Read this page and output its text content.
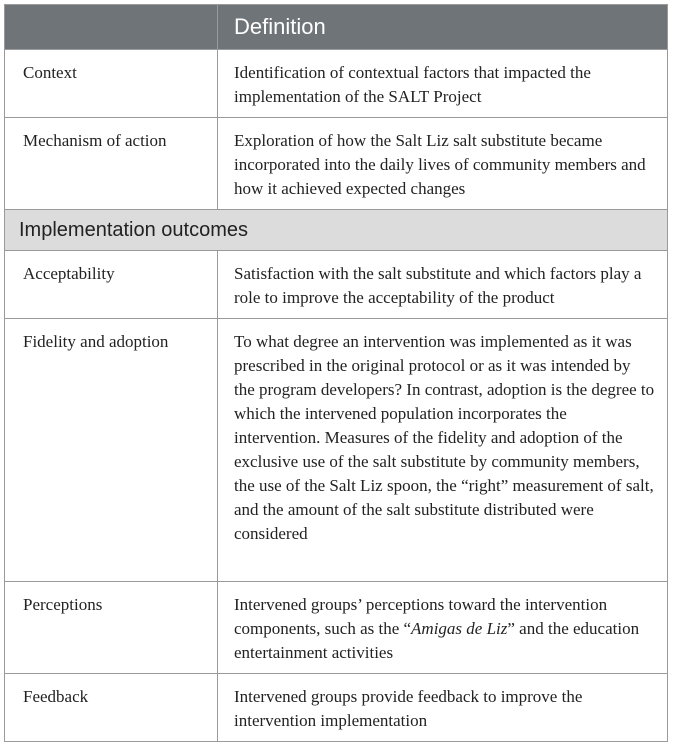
	Definition
Context	Identification of contextual factors that impacted the implementation of the SALT Project
Mechanism of action	Exploration of how the Salt Liz salt substitute became incorporated into the daily lives of community members and how it achieved expected changes
Implementation outcomes	
Acceptability	Satisfaction with the salt substitute and which factors play a role to improve the acceptability of the product
Fidelity and adoption	To what degree an intervention was implemented as it was prescribed in the original protocol or as it was intended by the program developers? In contrast, adoption is the degree to which the intervened population incorporates the intervention. Measures of the fidelity and adoption of the exclusive use of the salt substitute by community members, the use of the Salt Liz spoon, the “right” measurement of salt, and the amount of the salt substitute distributed were considered
Perceptions	Intervened groups’ perceptions toward the intervention components, such as the “Amigas de Liz” and the education entertainment activities
Feedback	Intervened groups provide feedback to improve the intervention implementation
